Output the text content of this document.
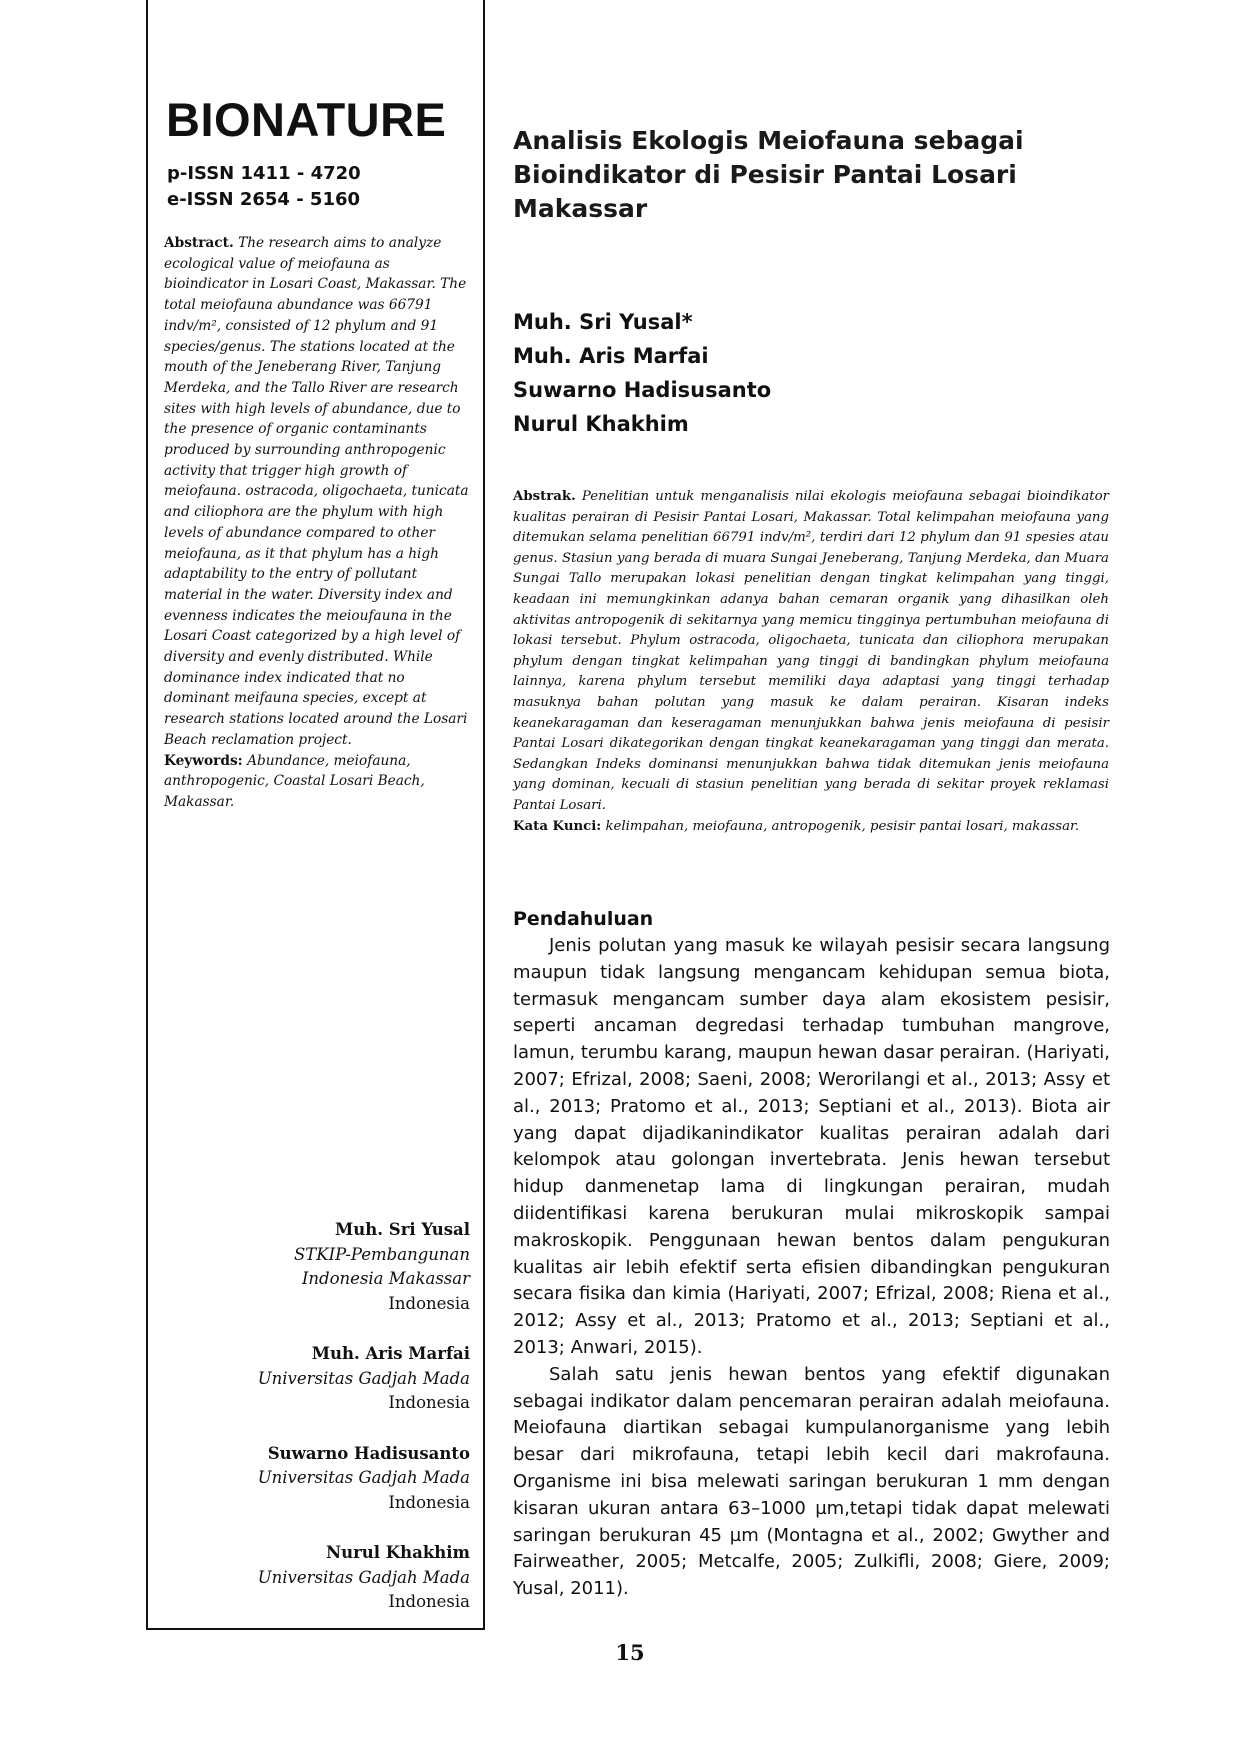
BIONATURE
p-ISSN 1411 - 4720
e-ISSN 2654 - 5160

Abstract. The research aims to analyze ecological value of meiofauna as bioindicator in Losari Coast, Makassar. The total meiofauna abundance was 66791 indv/m², consisted of 12 phylum and 91 species/genus. The stations located at the mouth of the Jeneberang River, Tanjung Merdeka, and the Tallo River are research sites with high levels of abundance, due to the presence of organic contaminants produced by surrounding anthropogenic activity that trigger high growth of meiofauna. ostracoda, oligochaeta, tunicata and ciliophora are the phylum with high levels of abundance compared to other meiofauna, as it that phylum has a high adaptability to the entry of pollutant material in the water. Diversity index and evenness indicates the meioufauna in the Losari Coast categorized by a high level of diversity and evenly distributed. While dominance index indicated that no dominant meifauna species, except at research stations located around the Losari Beach reclamation project.
Keywords: Abundance, meiofauna, anthropogenic, Coastal Losari Beach, Makassar.

Muh. Sri Yusal
STKIP-Pembangunan Indonesia Makassar
Indonesia
Muh. Aris Marfai
Universitas Gadjah Mada
Indonesia
Suwarno Hadisusanto
Universitas Gadjah Mada
Indonesia
Nurul Khakhim
Universitas Gadjah Mada
Indonesia
Analisis Ekologis Meiofauna sebagai Bioindikator di Pesisir Pantai Losari Makassar
Muh. Sri Yusal*
Muh. Aris Marfai
Suwarno Hadisusanto
Nurul Khakhim

Abstrak. Penelitian untuk menganalisis nilai ekologis meiofauna sebagai bioindikator kualitas perairan di Pesisir Pantai Losari, Makassar. Total kelimpahan meiofauna yang ditemukan selama penelitian 66791 indv/m², terdiri dari 12 phylum dan 91 spesies atau genus. Stasiun yang berada di muara Sungai Jeneberang, Tanjung Merdeka, dan Muara Sungai Tallo merupakan lokasi penelitian dengan tingkat kelimpahan yang tinggi, keadaan ini memungkinkan adanya bahan cemaran organik yang dihasilkan oleh aktivitas antropogenik di sekitarnya yang memicu tingginya pertumbuhan meiofauna di lokasi tersebut. Phylum ostracoda, oligochaeta, tunicata dan ciliophora merupakan phylum dengan tingkat kelimpahan yang tinggi di bandingkan phylum meiofauna lainnya, karena phylum tersebut memiliki daya adaptasi yang tinggi terhadap masuknya bahan polutan yang masuk ke dalam perairan. Kisaran indeks keanekaragaman dan keseragaman menunjukkan bahwa jenis meiofauna di pesisir Pantai Losari dikategorikan dengan tingkat keanekaragaman yang tinggi dan merata. Sedangkan Indeks dominansi menunjukkan bahwa tidak ditemukan jenis meiofauna yang dominan, kecuali di stasiun penelitian yang berada di sekitar proyek reklamasi Pantai Losari.
Kata Kunci: kelimpahan, meiofauna, antropogenik, pesisir pantai losari, makassar.

Pendahuluan

Jenis polutan yang masuk ke wilayah pesisir secara langsung maupun tidak langsung mengancam kehidupan semua biota, termasuk mengancam sumber daya alam ekosistem pesisir, seperti ancaman degredasi terhadap tumbuhan mangrove, lamun, terumbu karang, maupun hewan dasar perairan. (Hariyati, 2007; Efrizal, 2008; Saeni, 2008; Werorilangi et al., 2013; Assy et al., 2013; Pratomo et al., 2013; Septiani et al., 2013). Biota air yang dapat dijadikanindikator kualitas perairan adalah dari kelompok atau golongan invertebrata. Jenis hewan tersebut hidup danmenetap lama di lingkungan perairan, mudah diidentifikasi karena berukuran mulai mikroskopik sampai makroskopik. Penggunaan hewan bentos dalam pengukuran kualitas air lebih efektif serta efisien dibandingkan pengukuran secara fisika dan kimia (Hariyati, 2007; Efrizal, 2008; Riena et al., 2012; Assy et al., 2013; Pratomo et al., 2013; Septiani et al., 2013; Anwari, 2015).

Salah satu jenis hewan bentos yang efektif digunakan sebagai indikator dalam pencemaran perairan adalah meiofauna. Meiofauna diartikan sebagai kumpulanorganisme yang lebih besar dari mikrofauna, tetapi lebih kecil dari makrofauna. Organisme ini bisa melewati saringan berukuran 1 mm dengan kisaran ukuran antara 63–1000 µm,tetapi tidak dapat melewati saringan berukuran 45 µm (Montagna et al., 2002; Gwyther and Fairweather, 2005; Metcalfe, 2005; Zulkifli, 2008; Giere, 2009; Yusal, 2011).

15
